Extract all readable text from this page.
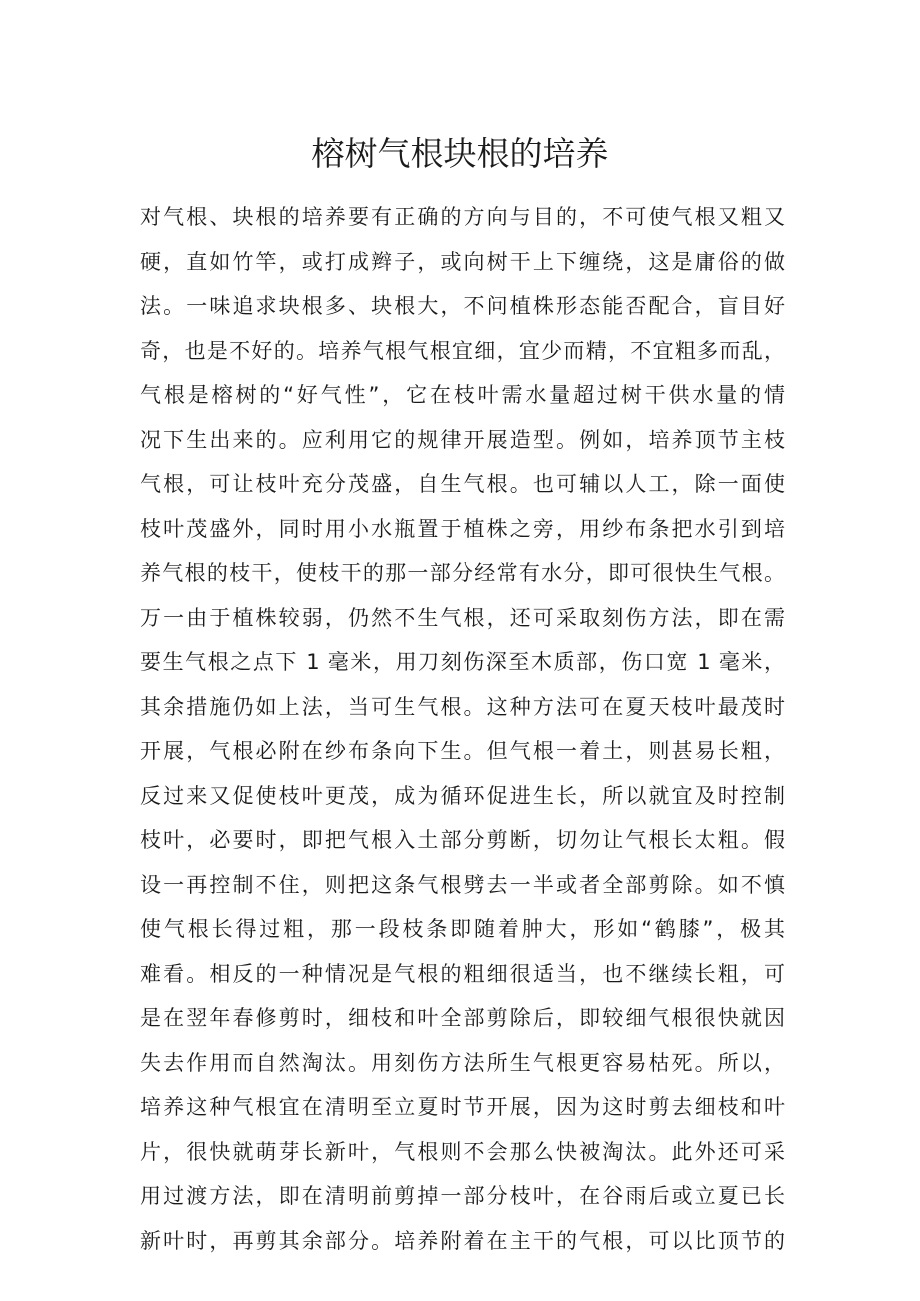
榕树气根块根的培养
对气根、块根的培养要有正确的方向与目的，不可使气根又粗又
硬，直如竹竿，或打成辫子，或向树干上下缠绕，这是庸俗的做
法。一味追求块根多、块根大，不问植株形态能否配合，盲目好
奇，也是不好的。培养气根气根宜细，宜少而精，不宜粗多而乱，
气根是榕树的“好气性”，它在枝叶需水量超过树干供水量的情
况下生出来的。应利用它的规律开展造型。例如，培养顶节主枝
气根，可让枝叶充分茂盛，自生气根。也可辅以人工，除一面使
枝叶茂盛外，同时用小水瓶置于植株之旁，用纱布条把水引到培
养气根的枝干，使枝干的那一部分经常有水分，即可很快生气根。
万一由于植株较弱，仍然不生气根，还可采取刻伤方法，即在需
要生气根之点下 1 毫米，用刀刻伤深至木质部，伤口宽 1 毫米，
其余措施仍如上法，当可生气根。这种方法可在夏天枝叶最茂时
开展，气根必附在纱布条向下生。但气根一着土，则甚易长粗，
反过来又促使枝叶更茂，成为循环促进生长，所以就宜及时控制
枝叶，必要时，即把气根入土部分剪断，切勿让气根长太粗。假
设一再控制不住，则把这条气根劈去一半或者全部剪除。如不慎
使气根长得过粗，那一段枝条即随着肿大，形如“鹤膝”，极其
难看。相反的一种情况是气根的粗细很适当，也不继续长粗，可
是在翌年春修剪时，细枝和叶全部剪除后，即较细气根很快就因
失去作用而自然淘汰。用刻伤方法所生气根更容易枯死。所以，
培养这种气根宜在清明至立夏时节开展，因为这时剪去细枝和叶
片，很快就萌芽长新叶，气根则不会那么快被淘汰。此外还可采
用过渡方法，即在清明前剪掉一部分枝叶，在谷雨后或立夏已长
新叶时，再剪其余部分。培养附着在主干的气根，可以比顶节的
